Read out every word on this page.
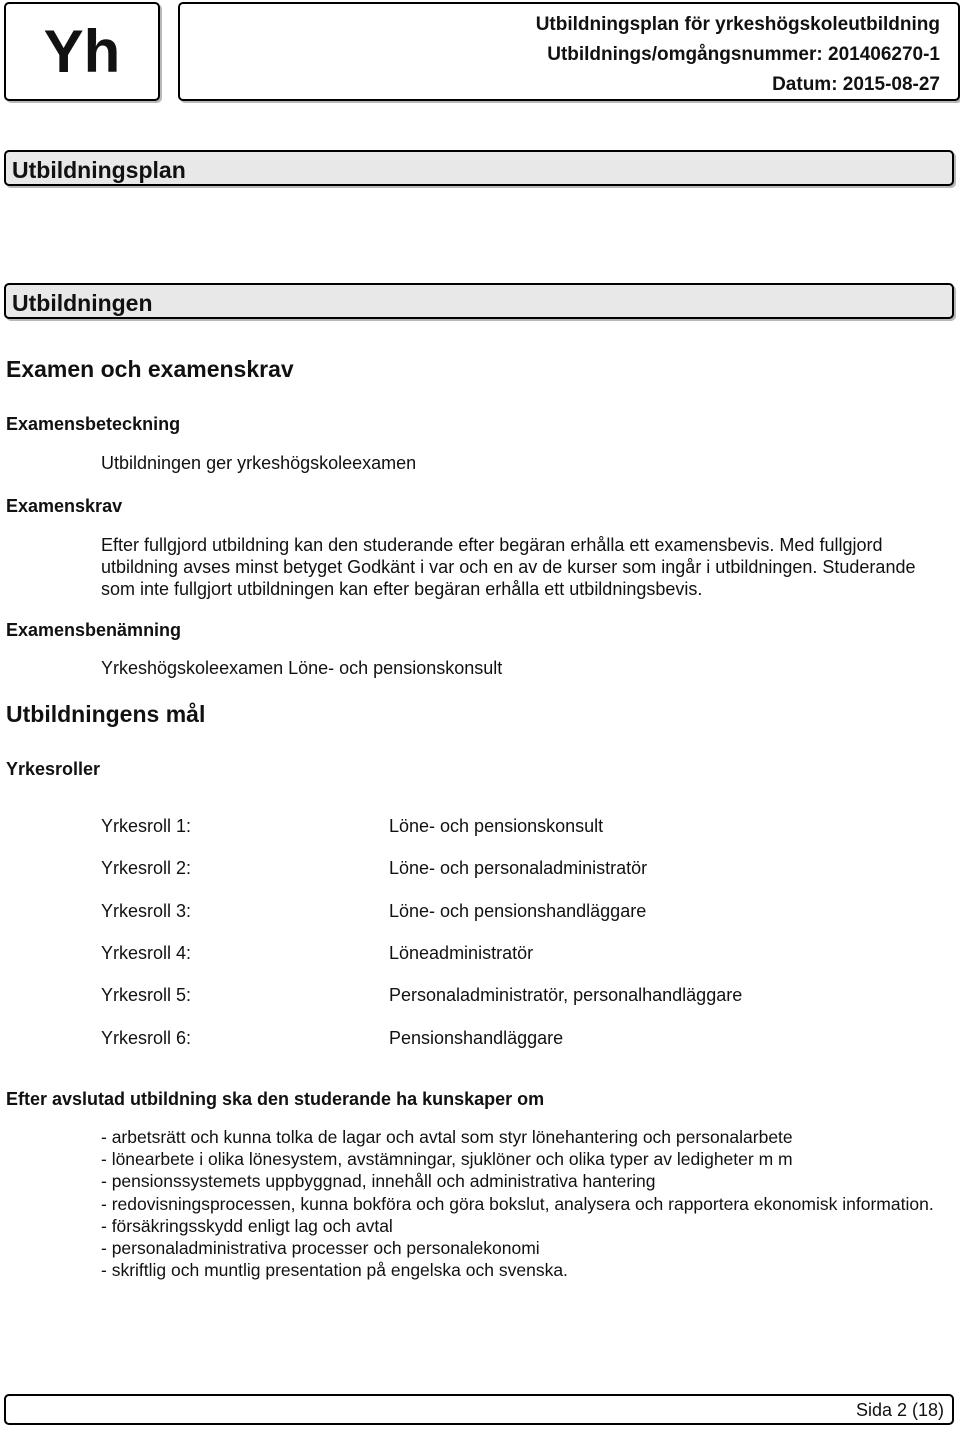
Yh	Utbildningsplan för yrkeshögskoleutbildning
Utbildnings/omgångsnummer: 201406270-1
Datum: 2015-08-27
Utbildningsplan
Utbildningen
Examen och examenskrav
Examensbeteckning
Utbildningen ger yrkeshögskoleexamen
Examenskrav
Efter fullgjord utbildning kan den studerande efter begäran erhålla ett examensbevis. Med fullgjord utbildning avses minst betyget Godkänt i var och en av de kurser som ingår i utbildningen. Studerande som inte fullgjort utbildningen kan efter begäran erhålla ett utbildningsbevis.
Examensbenämning
Yrkeshögskoleexamen Löne- och pensionskonsult
Utbildningens mål
Yrkesroller
Yrkesroll 1:	Löne- och pensionskonsult
Yrkesroll 2:	Löne- och personaladministratör
Yrkesroll 3:	Löne- och pensionshandläggare
Yrkesroll 4:	Löneadministratör
Yrkesroll 5:	Personaladministratör, personalhandläggare
Yrkesroll 6:	Pensionshandläggare
Efter avslutad utbildning ska den studerande ha kunskaper om
- arbetsrätt och kunna tolka de lagar och avtal som styr lönehantering och personalarbete
- lönearbete i olika lönesystem, avstämningar, sjuklöner och olika typer av ledigheter m m
- pensionssystemets uppbyggnad, innehåll och administrativa hantering
- redovisningsprocessen, kunna bokföra och göra bokslut, analysera och rapportera ekonomisk information.
- försäkringsskydd enligt lag och avtal
- personaladministrativa processer och personalekonomi
- skriftlig och muntlig presentation på engelska och svenska.
Sida 2 (18)
